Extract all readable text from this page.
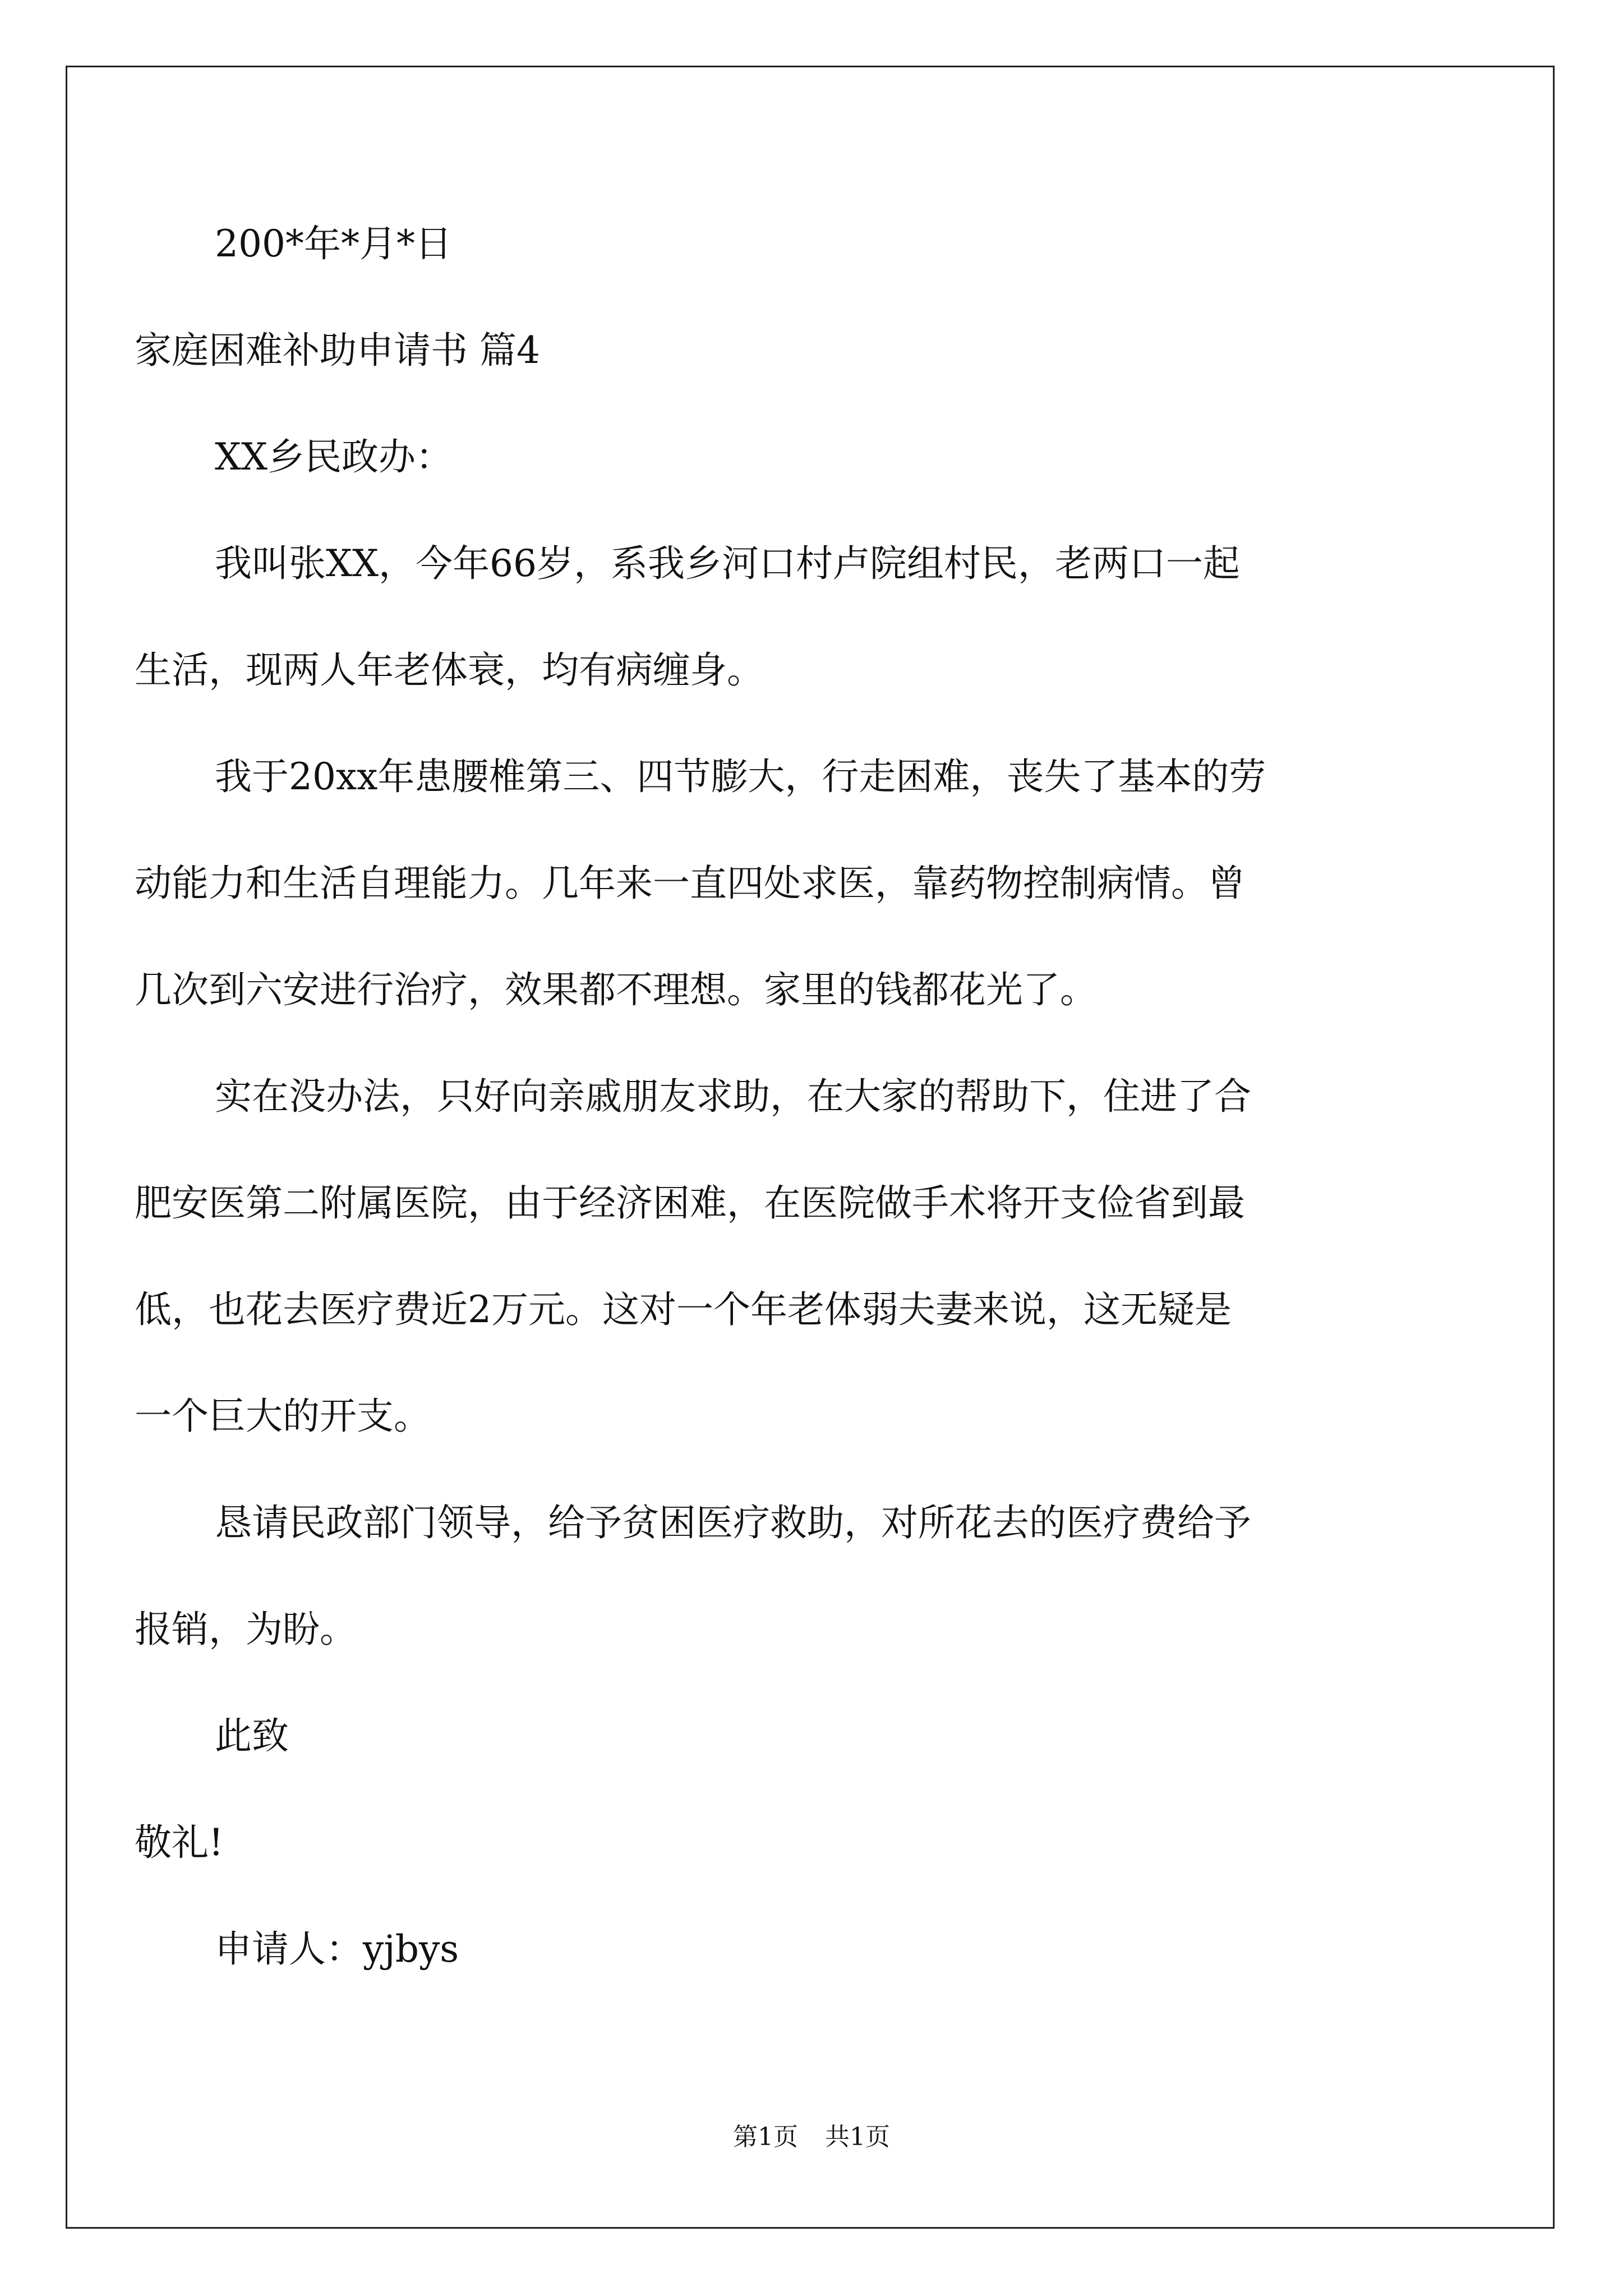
200*年*月*日
家庭困难补助申请书 篇4
XX乡民政办：
我叫张XX，今年66岁，系我乡河口村卢院组村民，老两口一起
生活，现两人年老体衰，均有病缠身。
我于20xx年患腰椎第三、四节膨大，行走困难，丧失了基本的劳
动能力和生活自理能力。几年来一直四处求医，靠药物控制病情。曾
几次到六安进行治疗，效果都不理想。家里的钱都花光了。
实在没办法，只好向亲戚朋友求助，在大家的帮助下，住进了合
肥安医第二附属医院，由于经济困难，在医院做手术将开支俭省到最
低，也花去医疗费近2万元。这对一个年老体弱夫妻来说，这无疑是
一个巨大的开支。
恳请民政部门领导，给予贫困医疗救助，对所花去的医疗费给予
报销，为盼。
此致
敬礼!
申请人：yjbys
第1页 共1页
